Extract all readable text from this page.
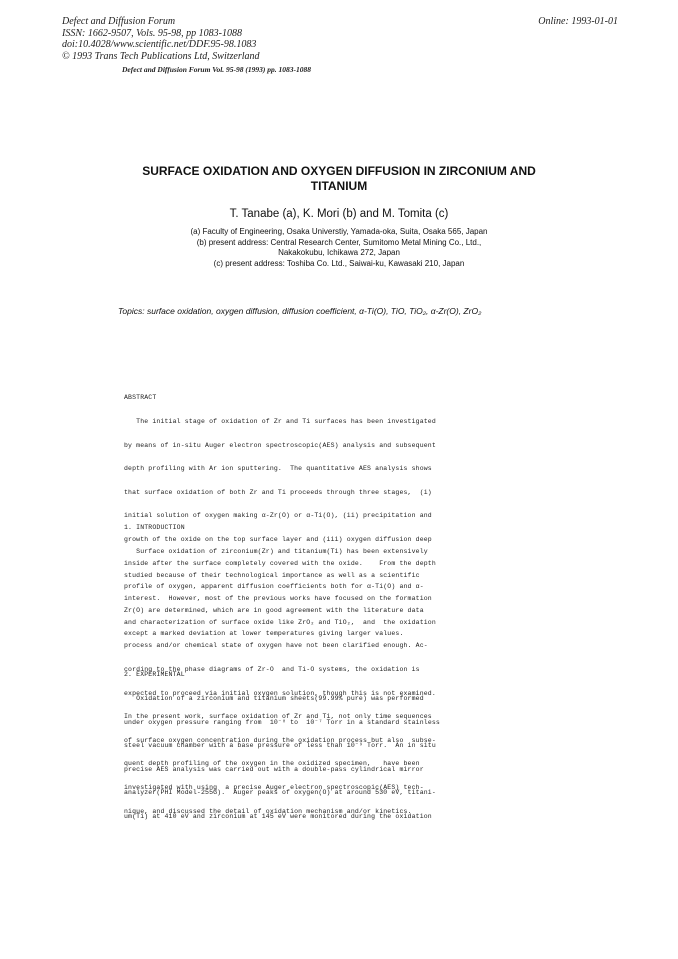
Defect and Diffusion Forum
ISSN: 1662-9507, Vols. 95-98, pp 1083-1088
doi:10.4028/www.scientific.net/DDF.95-98.1083
© 1993 Trans Tech Publications Ltd, Switzerland
Online: 1993-01-01
Defect and Diffusion Forum Vol. 95-98 (1993) pp. 1083-1088
SURFACE OXIDATION AND OXYGEN DIFFUSION IN ZIRCONIUM AND
TITANIUM
T. Tanabe (a), K. Mori (b) and M. Tomita (c)
(a) Faculty of Engineering, Osaka Universtiy, Yamada-oka, Suita, Osaka 565, Japan
(b) present address: Central Research Center, Sumitomo Metal Mining Co., Ltd.,
Nakakokubu, Ichikawa 272, Japan
(c) present address: Toshiba Co. Ltd., Saiwai-ku, Kawasaki 210, Japan
Topics: surface oxidation, oxygen diffusion, diffusion coefficient, α-Ti(O), TiO, TiO₂, α-Zr(O), ZrO₂

ABSTRACT

The initial stage of oxidation of Zr and Ti surfaces has been investigated

by means of in-situ Auger electron spectroscopic(AES) analysis and subsequent

depth profiling with Ar ion sputtering.  The quantitative AES analysis shows

that surface oxidation of both Zr and Ti proceeds through three stages,  (i)

initial solution of oxygen making α-Zr(O) or α-Ti(O), (ii) precipitation and

growth of the oxide on the top surface layer and (iii) oxygen diffusion deep

inside after the surface completely covered with the oxide.    From the depth

profile of oxygen, apparent diffusion coefficients both for α-Ti(O) and α-

Zr(O) are determined, which are in good agreement with the literature data

except a marked deviation at lower temperatures giving larger values.

1. INTRODUCTION

Surface oxidation of zirconium(Zr) and titanium(Ti) has been extensively

studied because of their technological importance as well as a scientific

interest.  However, most of the previous works have focused on the formation

and characterization of surface oxide like ZrO₂ and TiO₂,  and  the oxidation

process and/or chemical state of oxygen have not been clarified enough. Ac-

cording to the phase diagrams of Zr-O  and Ti-O systems, the oxidation is

expected to proceed via initial oxygen solution, though this is not examined.

In the present work, surface oxidation of Zr and Ti, not only time sequences

of surface oxygen concentration during the oxidation process but also  subse-

quent depth profiling of the oxygen in the oxidized specimen,   have been

investigated with using  a precise Auger electron spectroscopic(AES) tech-

nique, and discussed the detail of oxidation mechanism and/or kinetics.

2. EXPERIMENTAL

Oxidation of a zirconium and titanium sheets(99.99% pure) was performed

under oxygen pressure ranging from  10⁻⁸ to  10⁻⁷ Torr in a standard stainless

steel vacuum chamber with a base pressure of less than 10⁻⁹ Torr.  An in situ

precise AES analysis was carried out with a double-pass cylindrical mirror

analyzer(PHI Model-255G).  Auger peaks of oxygen(O) at around 530 eV, titani-

um(Ti) at 410 eV and zirconium at 145 eV were monitored during the oxidation
